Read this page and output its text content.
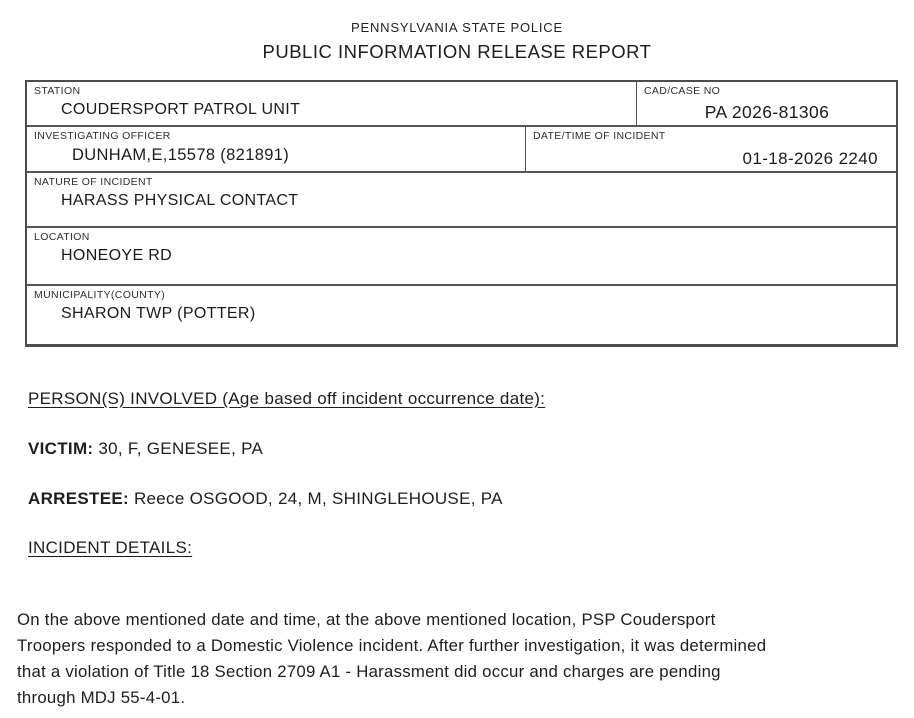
PENNSYLVANIA STATE POLICE
PUBLIC INFORMATION RELEASE REPORT
STATION
COUDERSPORT PATROL UNIT
CAD/CASE NO
PA 2026-81306
INVESTIGATING OFFICER
DUNHAM,E,15578 (821891)
DATE/TIME OF INCIDENT
01-18-2026 2240
NATURE OF INCIDENT
HARASS PHYSICAL CONTACT
LOCATION
HONEOYE RD
MUNICIPALITY(COUNTY)
SHARON TWP (POTTER)
PERSON(S) INVOLVED (Age based off incident occurrence date):
VICTIM: 30, F, GENESEE, PA
ARRESTEE: Reece OSGOOD, 24, M, SHINGLEHOUSE, PA
INCIDENT DETAILS:
On the above mentioned date and time, at the above mentioned location, PSP Coudersport
Troopers responded to a Domestic Violence incident. After further investigation, it was determined
that a violation of Title 18 Section 2709 A1 - Harassment did occur and charges are pending
through MDJ 55-4-01.
